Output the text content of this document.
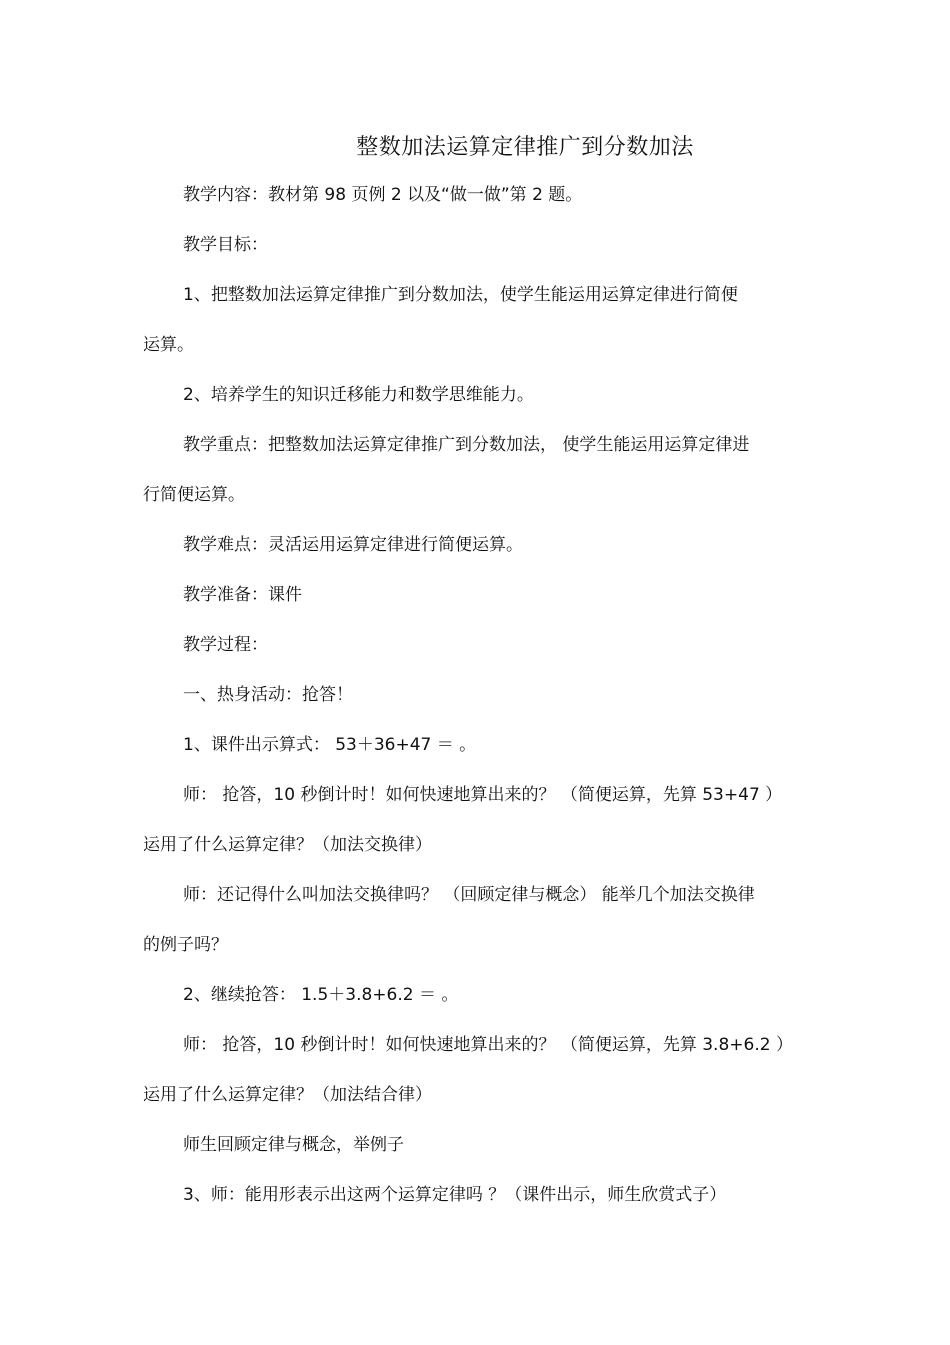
整数加法运算定律推广到分数加法
教学内容：教材第 98 页例 2 以及“做一做”第 2 题。
教学目标：
1、把整数加法运算定律推广到分数加法，使学生能运用运算定律进行简便
运算。
2、培养学生的知识迁移能力和数学思维能力。
教学重点：把整数加法运算定律推广到分数加法， 使学生能运用运算定律进
行简便运算。
教学难点：灵活运用运算定律进行简便运算。
教学准备：课件
教学过程：
一、热身活动：抢答！
1、课件出示算式： 53＋36+47 ＝ 。
师： 抢答，10 秒倒计时！如何快速地算出来的？ （简便运算，先算 53+47 ）
运用了什么运算定律？（加法交换律）
师：还记得什么叫加法交换律吗？ （回顾定律与概念） 能举几个加法交换律
的例子吗？
2、继续抢答： 1.5＋3.8+6.2 ＝ 。
师： 抢答，10 秒倒计时！如何快速地算出来的？ （简便运算，先算 3.8+6.2 ）
运用了什么运算定律？（加法结合律）
师生回顾定律与概念，举例子
3、师：能用形表示出这两个运算定律吗 ？（课件出示，师生欣赏式子）
